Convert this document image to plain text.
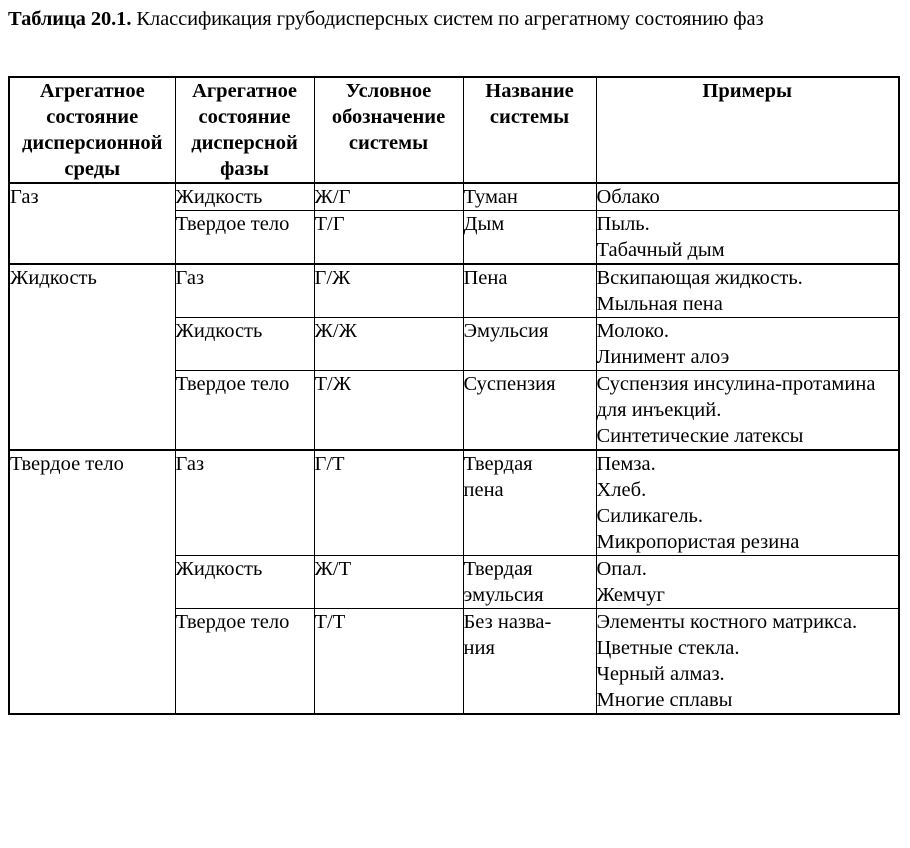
Таблица 20.1. Классификация грубодисперсных систем по агрегатному состоянию фаз
Агрегатное
состояние
дисперсионной
среды	Агрегатное
состояние
дисперсной
фазы	Условное
обозначение
системы	Название
системы	Примеры

Газ	Жидкость	Ж/Г	Туман	Облако

	Твердое тело	Т/Г	Дым	Пыль.
Табачный дым

Жидкость	Газ	Г/Ж	Пена	Вскипающая жидкость.
Мыльная пена

	Жидкость	Ж/Ж	Эмульсия	Молоко.
Линимент алоэ

	Твердое тело	Т/Ж	Суспензия	Суспензия инсулина-протамина для инъекций.
Синтетические латексы

Твердое тело	Газ	Г/Т	Твердая
пена	Пемза.
Хлеб.
Силикагель.
Микропористая резина

	Жидкость	Ж/Т	Твердая
эмульсия	Опал.
Жемчуг

	Твердое тело	Т/Т	Без назва-
ния	Элементы костного матрикса.
Цветные стекла.
Черный алмаз.
Многие сплавы
